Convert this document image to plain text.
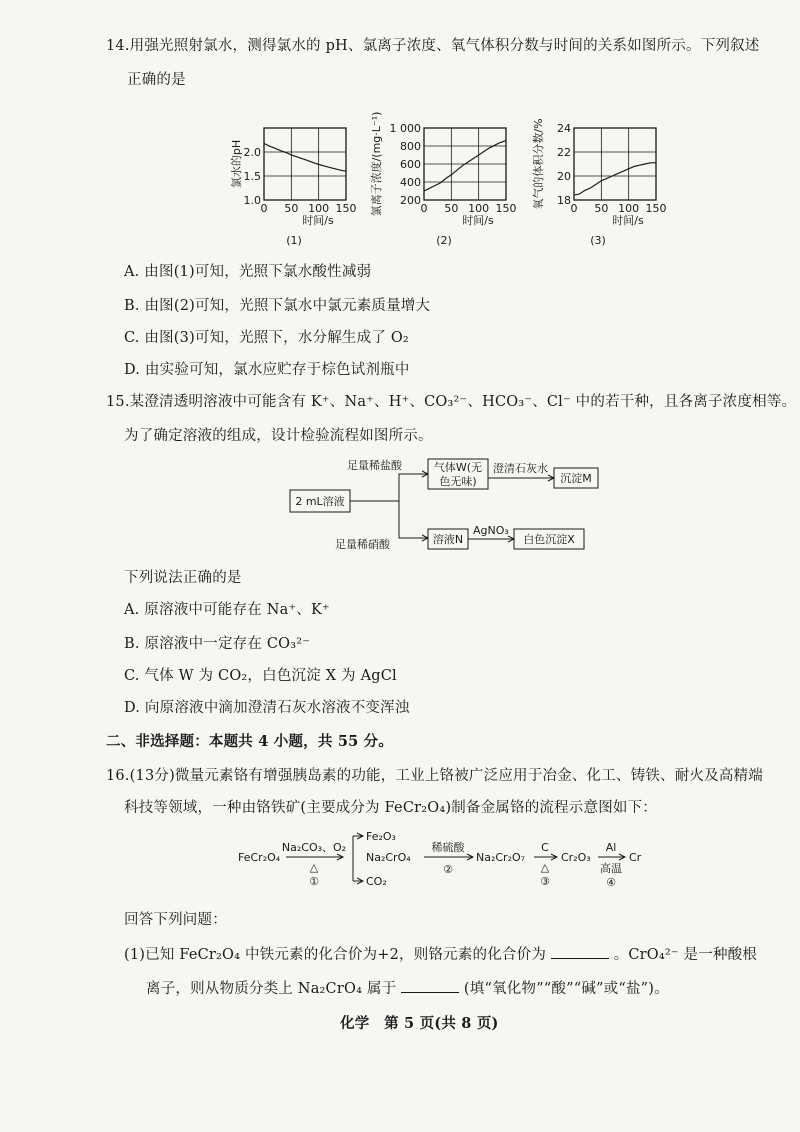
14.用强光照射氯水，测得氯水的 pH、氯离子浓度、氧气体积分数与时间的关系如图所示。下列叙述
正确的是
1.0
1.5
2.0
0 50 100 150
氯水的pH
时间/s
(1)
200
400
600
800
1 000
0 50 100 150
氯离子浓度/(mg·L⁻¹)
时间/s
(2)
18
20
22
24
0 50 100 150
氧气的体积分数/%
时间/s
(3)
A. 由图(1)可知，光照下氯水酸性减弱
B. 由图(2)可知，光照下氯水中氯元素质量增大
C. 由图(3)可知，光照下，水分解生成了 O₂
D. 由实验可知，氯水应贮存于棕色试剂瓶中
15.某澄清透明溶液中可能含有 K⁺、Na⁺、H⁺、CO₃²⁻、HCO₃⁻、Cl⁻ 中的若干种，且各离子浓度相等。
为了确定溶液的组成，设计检验流程如图所示。
2 mL溶液
足量稀盐酸
足量稀硝酸
气体W(无
色无味)
澄清石灰水
沉淀M
溶液N
AgNO₃
白色沉淀X
下列说法正确的是
A. 原溶液中可能存在 Na⁺、K⁺
B. 原溶液中一定存在 CO₃²⁻
C. 气体 W 为 CO₂，白色沉淀 X 为 AgCl
D. 向原溶液中滴加澄清石灰水溶液不变浑浊
二、非选择题：本题共 4 小题，共 55 分。
16.(13分)微量元素铬有增强胰岛素的功能，工业上铬被广泛应用于冶金、化工、铸铁、耐火及高精端
科技等领域，一种由铬铁矿(主要成分为 FeCr₂O₄)制备金属铬的流程示意图如下：
FeCr₂O₄
Na₂CO₃、O₂
△
①
Fe₂O₃
Na₂CrO₄
CO₂
稀硫酸
②
Na₂Cr₂O₇
C
△
③
Cr₂O₃
Al
高温
④
Cr
回答下列问题：
(1)已知 FeCr₂O₄ 中铁元素的化合价为+2，则铬元素的化合价为	。CrO₄²⁻ 是一种酸根
离子，则从物质分类上 Na₂CrO₄ 属于	(填“氧化物”“酸”“碱”或“盐”)。
化学　第 5 页(共 8 页)
